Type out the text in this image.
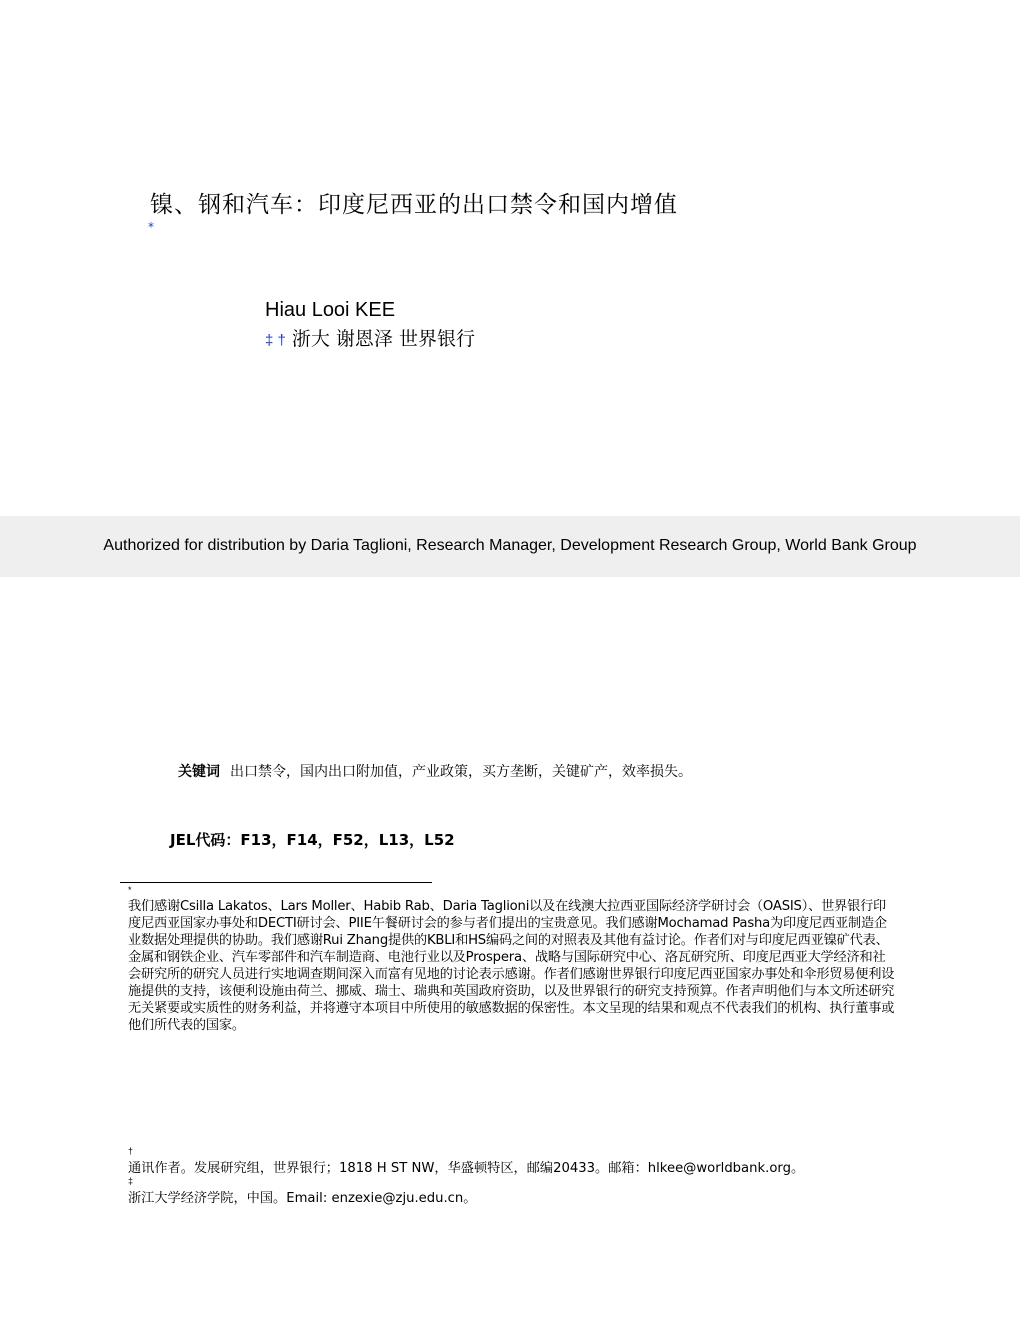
镍、钢和汽车：印度尼西亚的出口禁令和国内增值
*
Hiau Looi KEE
‡ † 浙大 谢恩泽 世界银行
Authorized for distribution by Daria Taglioni, Research Manager, Development Research Group, World Bank Group
关键词 出口禁令，国内出口附加值，产业政策，买方垄断，关键矿产，效率损失。
JEL代码：F13，F14，F52，L13，L52
*
我们感谢Csilla Lakatos、Lars Moller、Habib Rab、Daria Taglioni以及在线澳大拉西亚国际经济学研讨会（OASIS）、世界银行印度尼西亚国家办事处和DECTI研讨会、PIIE午餐研讨会的参与者们提出的宝贵意见。我们感谢Mochamad Pasha为印度尼西亚制造企业数据处理提供的协助。我们感谢Rui Zhang提供的KBLI和HS编码之间的对照表及其他有益讨论。作者们对与印度尼西亚镍矿代表、金属和钢铁企业、汽车零部件和汽车制造商、电池行业以及Prospera、战略与国际研究中心、洛瓦研究所、印度尼西亚大学经济和社会研究所的研究人员进行实地调查期间深入而富有见地的讨论表示感谢。作者们感谢世界银行印度尼西亚国家办事处和伞形贸易便利设施提供的支持，该便利设施由荷兰、挪威、瑞士、瑞典和英国政府资助，以及世界银行的研究支持预算。作者声明他们与本文所述研究无关紧要或实质性的财务利益，并将遵守本项目中所使用的敏感数据的保密性。本文呈现的结果和观点不代表我们的机构、执行董事或他们所代表的国家。
†
通讯作者。发展研究组，世界银行；1818 H ST NW，华盛顿特区，邮编20433。邮箱：hlkee@worldbank.org。
‡
浙江大学经济学院，中国。Email: enzexie@zju.edu.cn。
